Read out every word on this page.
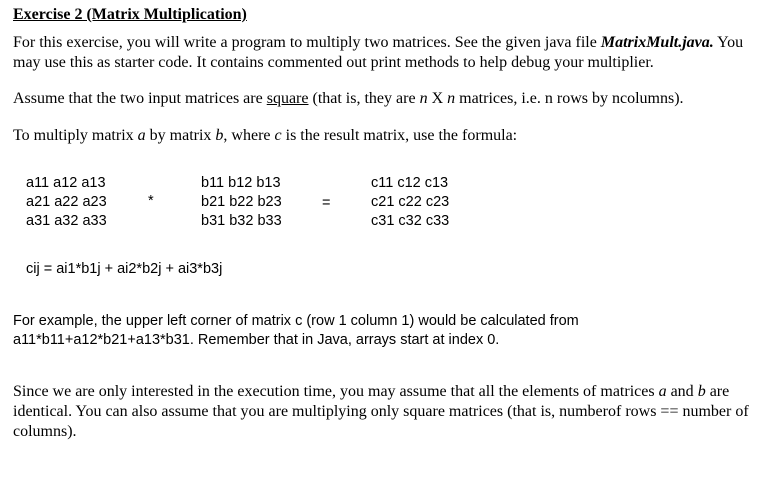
Exercise 2 (Matrix Multiplication)
For this exercise, you will write a program to multiply two matrices. See the given java file MatrixMult.java. You may use this as starter code. It contains commented out print methods to help debug your multiplier.
Assume that the two input matrices are square (that is, they are n X n matrices, i.e. n rows by ncolumns).
To multiply matrix a by matrix b, where c is the result matrix, use the formula:
a11 a12 a13
a21 a22 a23
a31 a32 a33
*
b11 b12 b13
b21 b22 b23
b31 b32 b33
=
c11 c12 c13
c21 c22 c23
c31 c32 c33
cij = ai1*b1j + ai2*b2j + ai3*b3j
For example, the upper left corner of matrix c (row 1 column 1) would be calculated from a11*b11+a12*b21+a13*b31. Remember that in Java, arrays start at index 0.
Since we are only interested in the execution time, you may assume that all the elements of matrices a and b are identical. You can also assume that you are multiplying only square matrices (that is, numberof rows == number of columns).
